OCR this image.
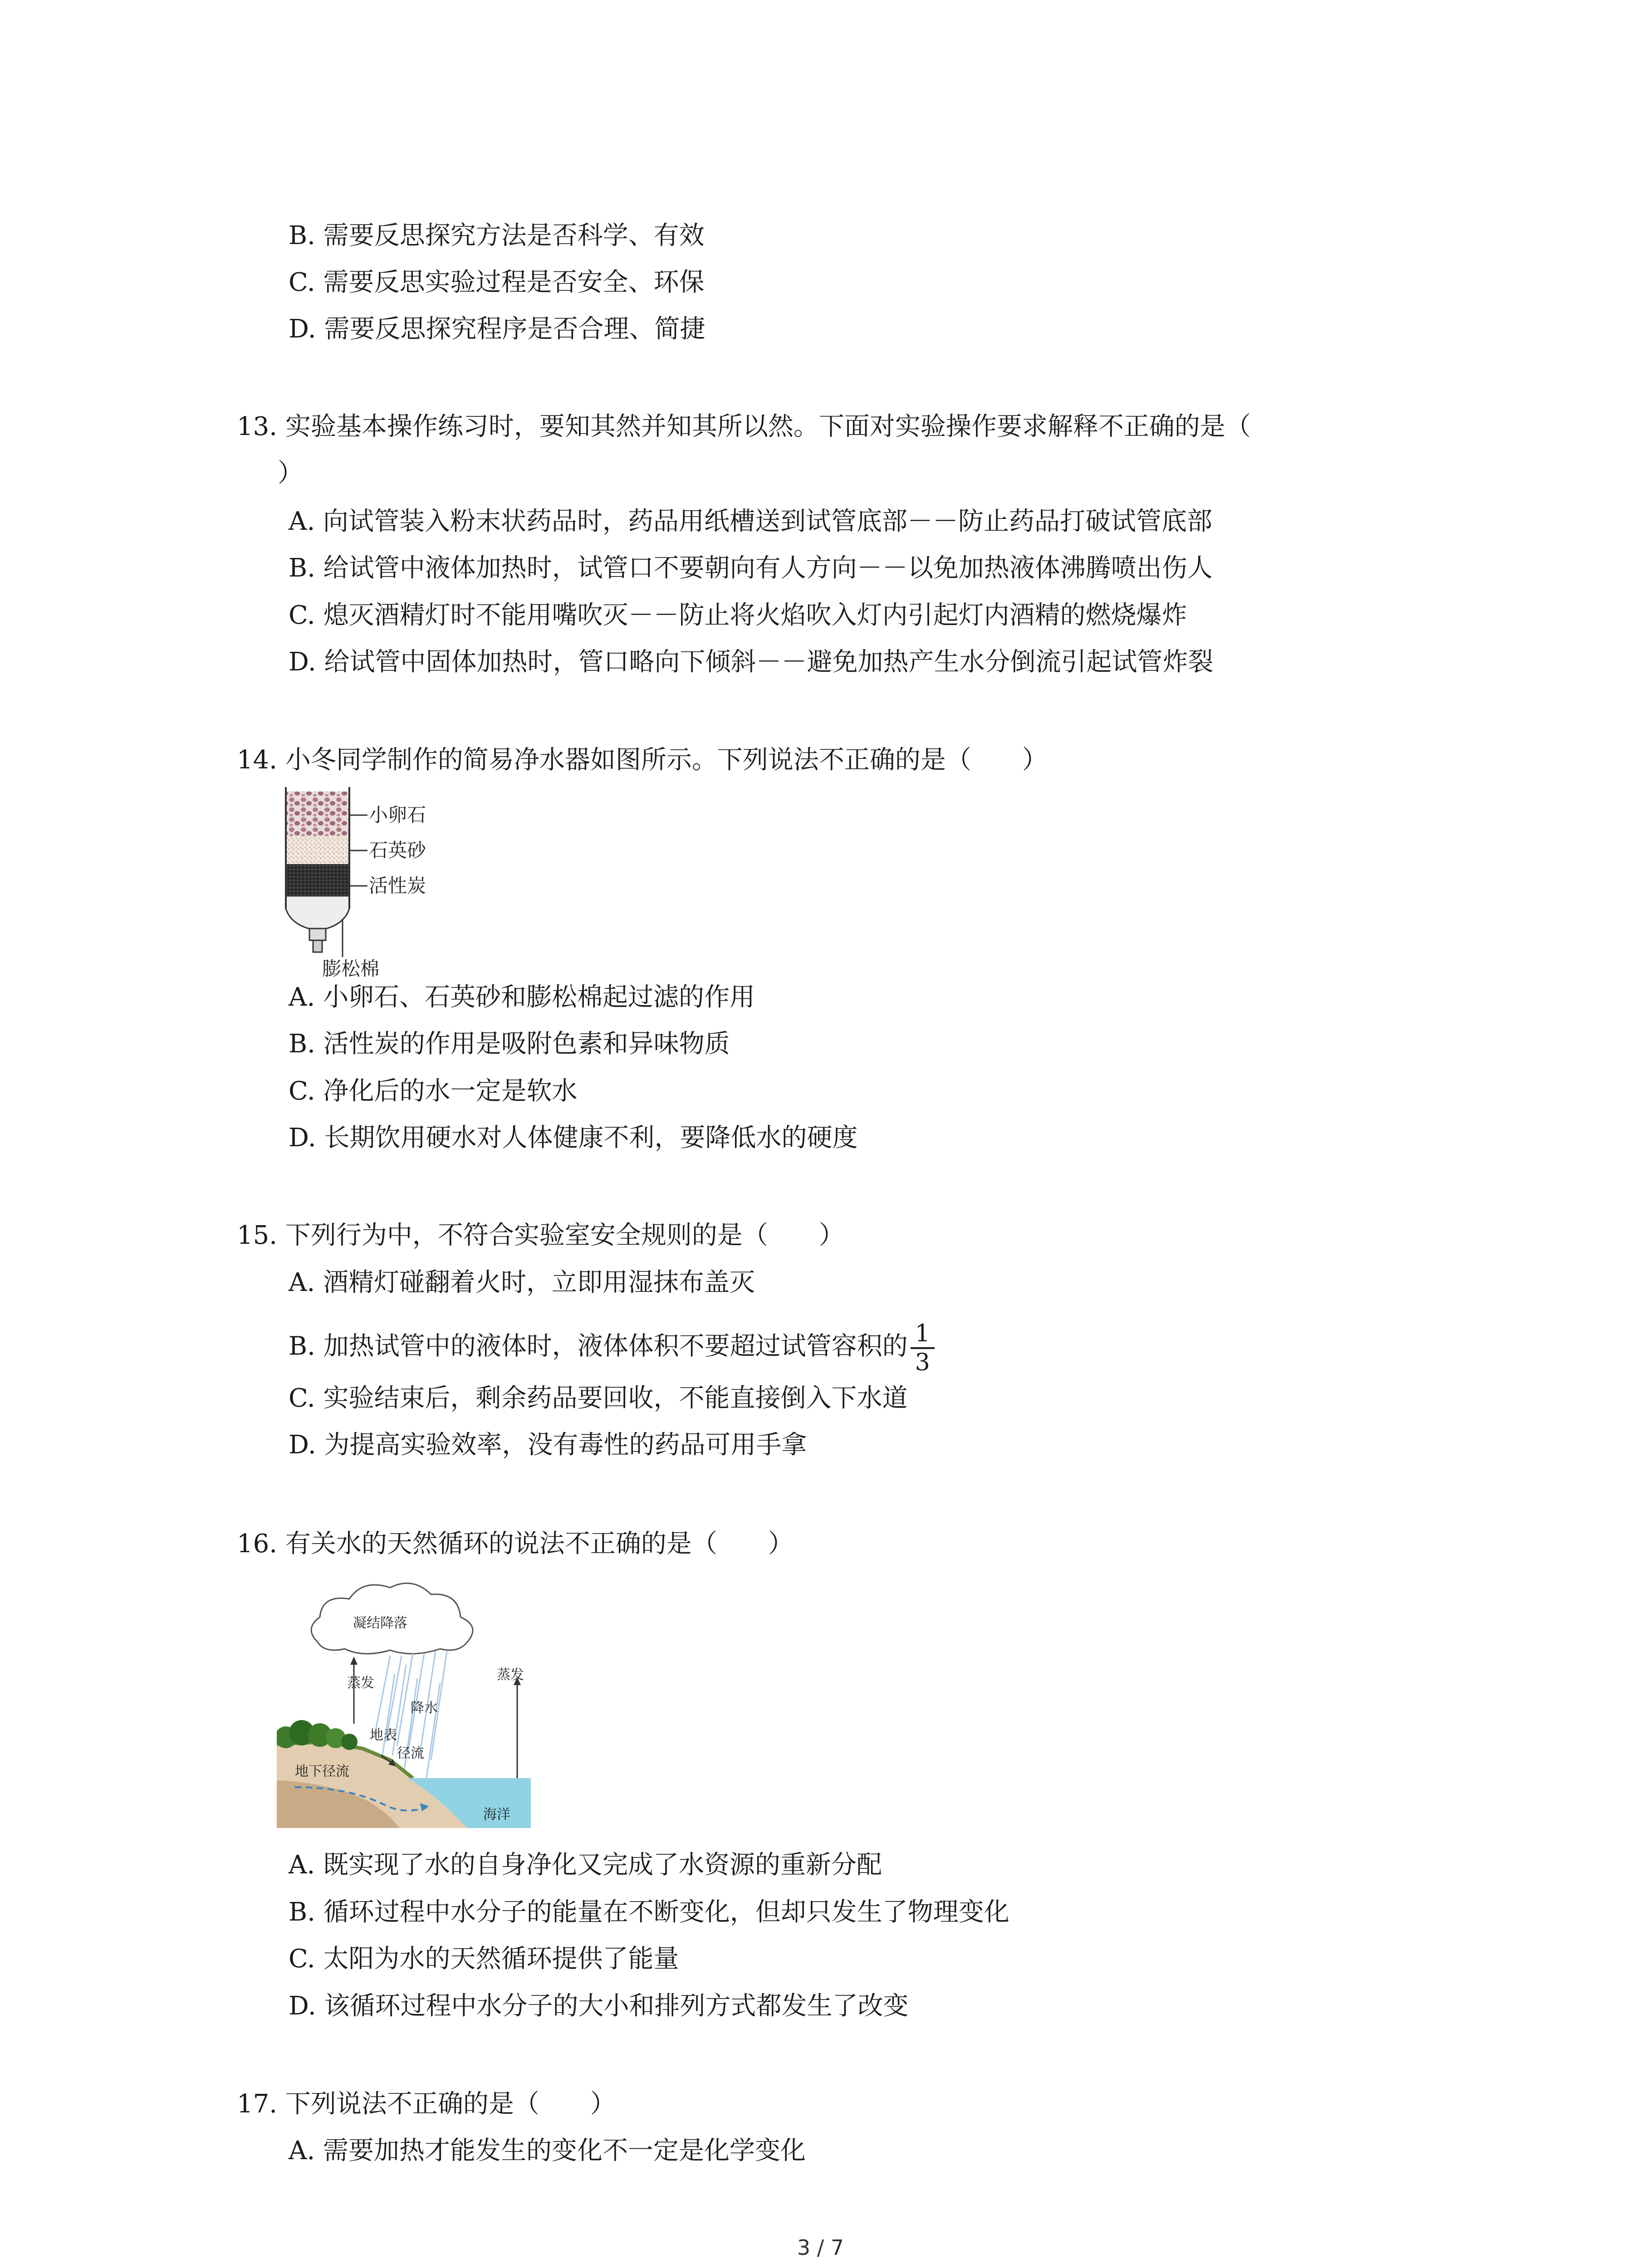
B. 需要反思探究方法是否科学、有效
C. 需要反思实验过程是否安全、环保
D. 需要反思探究程序是否合理、简捷
13. 实验基本操作练习时，要知其然并知其所以然。下面对实验操作要求解释不正确的是（
）
A. 向试管装入粉末状药品时，药品用纸槽送到试管底部－－防止药品打破试管底部
B. 给试管中液体加热时，试管口不要朝向有人方向－－以免加热液体沸腾喷出伤人
C. 熄灭酒精灯时不能用嘴吹灭－－防止将火焰吹入灯内引起灯内酒精的燃烧爆炸
D. 给试管中固体加热时，管口略向下倾斜－－避免加热产生水分倒流引起试管炸裂
14. 小冬同学制作的简易净水器如图所示。下列说法不正确的是（　　）
小卵石
石英砂
活性炭
膨松棉
A. 小卵石、石英砂和膨松棉起过滤的作用
B. 活性炭的作用是吸附色素和异味物质
C. 净化后的水一定是软水
D. 长期饮用硬水对人体健康不利，要降低水的硬度
15. 下列行为中，不符合实验室安全规则的是（　　）
A. 酒精灯碰翻着火时，立即用湿抹布盖灭
B. 加热试管中的液体时，液体体积不要超过试管容积的 $\frac{1}{3}$
C. 实验结束后，剩余药品要回收，不能直接倒入下水道
D. 为提高实验效率，没有毒性的药品可用手拿
16. 有关水的天然循环的说法不正确的是（　　）
凝结降落
降水
蒸发
蒸发
海洋
地下径流
地表
径流
A. 既实现了水的自身净化又完成了水资源的重新分配
B. 循环过程中水分子的能量在不断变化，但却只发生了物理变化
C. 太阳为水的天然循环提供了能量
D. 该循环过程中水分子的大小和排列方式都发生了改变
17. 下列说法不正确的是（　　）
A. 需要加热才能发生的变化不一定是化学变化
3 / 7
